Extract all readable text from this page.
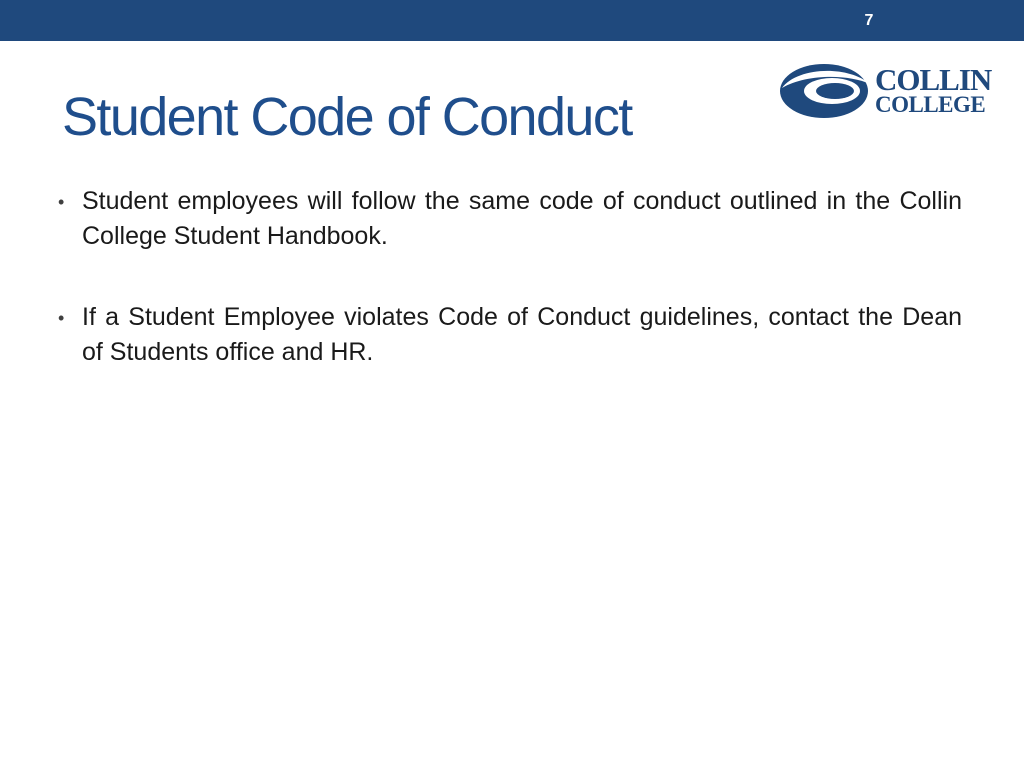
7
COLLIN
COLLEGE
Student Code of Conduct
• Student employees will follow the same code of conduct outlined in the Collin College Student Handbook.
• If a Student Employee violates Code of Conduct guidelines, contact the Dean of Students office and HR.
